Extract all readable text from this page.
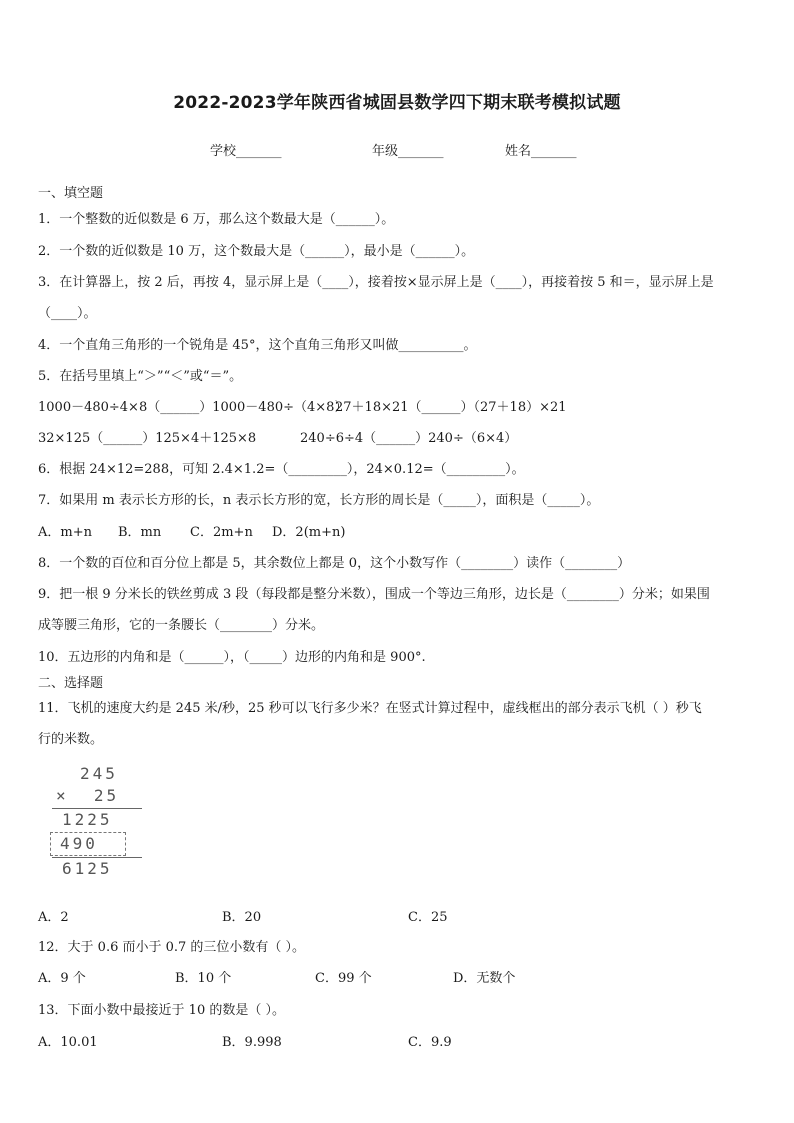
2022-2023学年陕西省城固县数学四下期末联考模拟试题
学校_______	年级_______	姓名_______
一、填空题
1．一个整数的近似数是 6 万，那么这个数最大是（______）。
2．一个数的近似数是 10 万，这个数最大是（______），最小是（______）。
3．在计算器上，按 2 后，再按 4，显示屏上是（____），接着按×显示屏上是（____），再接着按 5 和＝，显示屏上是
（____）。
4．一个直角三角形的一个锐角是 45°，这个直角三角形又叫做__________。
5．在括号里填上“＞”“＜”或“＝”。
1000－480÷4×8（______）1000－480÷（4×8）
27＋18×21（______）（27＋18）×21
32×125（______）125×4＋125×8	240÷6÷4（______）240÷（6×4）
6．根据 24×12=288，可知 2.4×1.2=（_________），24×0.12=（_________）。
7．如果用 m 表示长方形的长，n 表示长方形的宽，长方形的周长是（_____），面积是（_____）。
A．m+n B．mn C．2m+n D．2(m+n)
8．一个数的百位和百分位上都是 5，其余数位上都是 0，这个小数写作（________）读作（________）
9．把一根 9 分米长的铁丝剪成 3 段（每段都是整分米数），围成一个等边三角形，边长是（________）分米；如果围
成等腰三角形，它的一条腰长（________）分米。
10．五边形的内角和是（______），（_____）边形的内角和是 900°.
二、选择题
11．飞机的速度大约是 245 米/秒，25 秒可以飞行多少米？在竖式计算过程中，虚线框出的部分表示飞机（ ）秒飞
行的米数。
245
×  25
1225
490
6125
A．2	B．20	C．25
12．大于 0.6 而小于 0.7 的三位小数有（ ）。
A．9 个	B．10 个	C．99 个	D．无数个
13．下面小数中最接近于 10 的数是（ ）。
A．10.01	B．9.998	C．9.9
